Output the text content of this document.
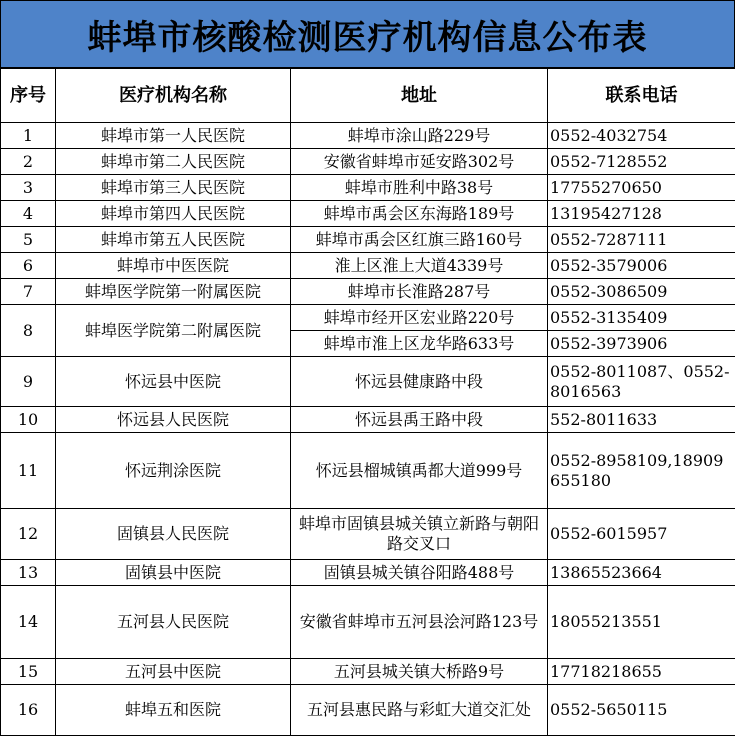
蚌埠市核酸检测医疗机构信息公布表
序号	医疗机构名称	地址	联系电话
1	蚌埠市第一人民医院	蚌埠市涂山路229号	0552-4032754
2	蚌埠市第二人民医院	安徽省蚌埠市延安路302号	0552-7128552
3	蚌埠市第三人民医院	蚌埠市胜利中路38号	17755270650
4	蚌埠市第四人民医院	蚌埠市禹会区东海路189号	13195427128
5	蚌埠市第五人民医院	蚌埠市禹会区红旗三路160号	0552-7287111
6	蚌埠市中医医院	淮上区淮上大道4339号	0552-3579006
7	蚌埠医学院第一附属医院	蚌埠市长淮路287号	0552-3086509
8	蚌埠医学院第二附属医院	蚌埠市经开区宏业路220号	0552-3135409
		蚌埠市淮上区龙华路633号	0552-3973906
9	怀远县中医院	怀远县健康路中段	0552-8011087、0552-8016563
10	怀远县人民医院	怀远县禹王路中段	552-8011633
11	怀远荆涂医院	怀远县榴城镇禹都大道999号	0552-8958109,18909655180
12	固镇县人民医院	蚌埠市固镇县城关镇立新路与朝阳路交叉口	0552-6015957
13	固镇县中医院	固镇县城关镇谷阳路488号	13865523664
14	五河县人民医院	安徽省蚌埠市五河县浍河路123号	18055213551
15	五河县中医院	五河县城关镇大桥路9号	17718218655
16	蚌埠五和医院	五河县惠民路与彩虹大道交汇处	0552-5650115
